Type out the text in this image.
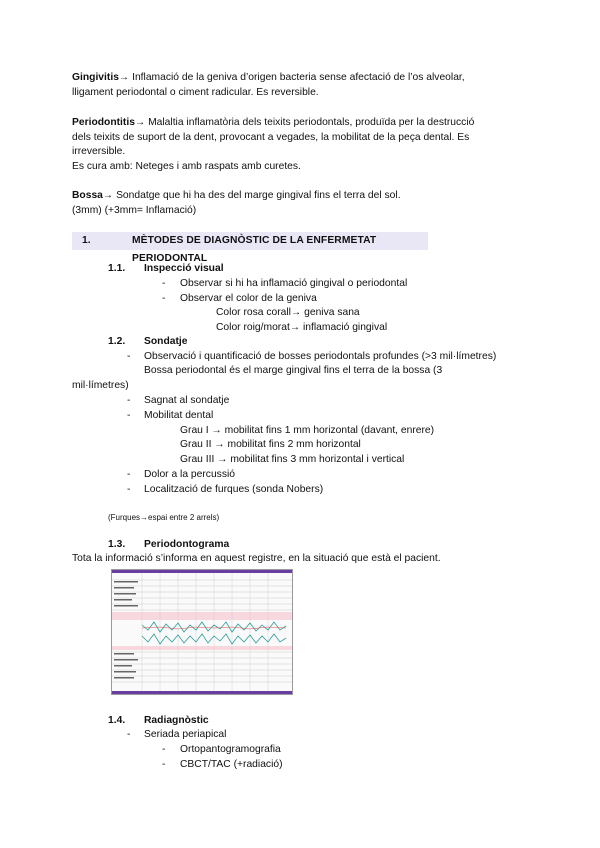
Gingivitis→ Inflamació de la geniva d’origen bacteria sense afectació de l’os alveolar,
lligament periodontal o ciment radicular. Es reversible.
Periodontitis→ Malaltia inflamatòria dels teixits periodontals, produïda per la destrucció
dels teixits de suport de la dent, provocant a vegades, la mobilitat de la peça dental. Es
irreversible.
Es cura amb: Neteges i amb raspats amb curetes.
Bossa→ Sondatge que hi ha des del marge gingival fins el terra del sol.
(3mm) (+3mm= Inflamació)
1.	MÈTODES DE DIAGNÒSTIC DE LA ENFERMETAT PERIODONTAL
1.1. Inspecció visual
- Observar si hi ha inflamació gingival o periodontal
- Observar el color de la geniva
Color rosa corall→ geniva sana
Color roig/morat→ inflamació gingival
1.2. Sondatje
- Observació i quantificació de bosses periodontals profundes (>3 mil·límetres)
Bossa periodontal és el marge gingival fins el terra de la bossa (3
mil·límetres)
- Sagnat al sondatje
- Mobilitat dental
Grau I → mobilitat fins 1 mm horizontal (davant, enrere)
Grau II → mobilitat fins 2 mm horizontal
Grau III → mobilitat fins 3 mm horizontal i vertical
- Dolor a la percussió
- Localització de furques (sonda Nobers)
(Furques→espai entre 2 arrels)
1.3. Periodontograma
Tota la informació s’informa en aquest registre, en la situació que està el pacient.
1.4. Radiagnòstic
- Seriada periapical
- Ortopantogramografia
- CBCT/TAC (+radiació)
